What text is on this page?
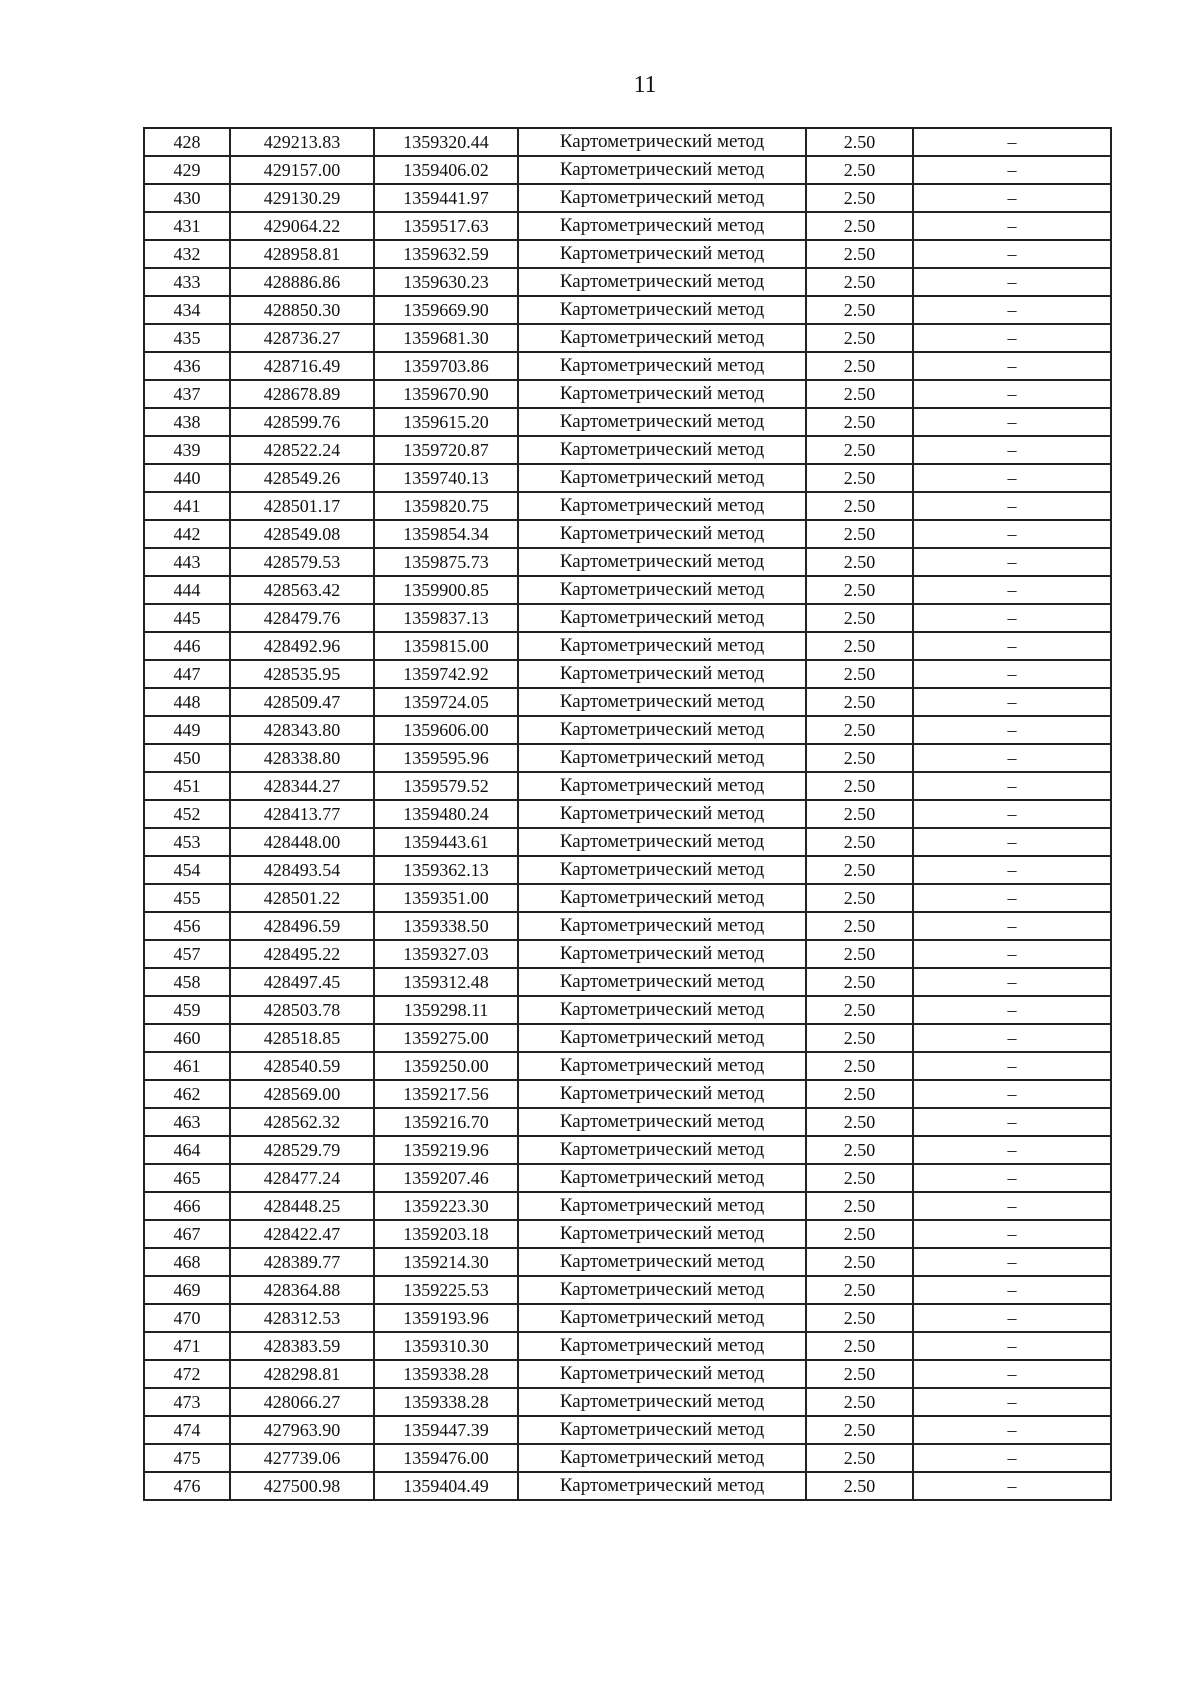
11
428	429213.83	1359320.44	Картометрический метод	2.50	–
429	429157.00	1359406.02	Картометрический метод	2.50	–
430	429130.29	1359441.97	Картометрический метод	2.50	–
431	429064.22	1359517.63	Картометрический метод	2.50	–
432	428958.81	1359632.59	Картометрический метод	2.50	–
433	428886.86	1359630.23	Картометрический метод	2.50	–
434	428850.30	1359669.90	Картометрический метод	2.50	–
435	428736.27	1359681.30	Картометрический метод	2.50	–
436	428716.49	1359703.86	Картометрический метод	2.50	–
437	428678.89	1359670.90	Картометрический метод	2.50	–
438	428599.76	1359615.20	Картометрический метод	2.50	–
439	428522.24	1359720.87	Картометрический метод	2.50	–
440	428549.26	1359740.13	Картометрический метод	2.50	–
441	428501.17	1359820.75	Картометрический метод	2.50	–
442	428549.08	1359854.34	Картометрический метод	2.50	–
443	428579.53	1359875.73	Картометрический метод	2.50	–
444	428563.42	1359900.85	Картометрический метод	2.50	–
445	428479.76	1359837.13	Картометрический метод	2.50	–
446	428492.96	1359815.00	Картометрический метод	2.50	–
447	428535.95	1359742.92	Картометрический метод	2.50	–
448	428509.47	1359724.05	Картометрический метод	2.50	–
449	428343.80	1359606.00	Картометрический метод	2.50	–
450	428338.80	1359595.96	Картометрический метод	2.50	–
451	428344.27	1359579.52	Картометрический метод	2.50	–
452	428413.77	1359480.24	Картометрический метод	2.50	–
453	428448.00	1359443.61	Картометрический метод	2.50	–
454	428493.54	1359362.13	Картометрический метод	2.50	–
455	428501.22	1359351.00	Картометрический метод	2.50	–
456	428496.59	1359338.50	Картометрический метод	2.50	–
457	428495.22	1359327.03	Картометрический метод	2.50	–
458	428497.45	1359312.48	Картометрический метод	2.50	–
459	428503.78	1359298.11	Картометрический метод	2.50	–
460	428518.85	1359275.00	Картометрический метод	2.50	–
461	428540.59	1359250.00	Картометрический метод	2.50	–
462	428569.00	1359217.56	Картометрический метод	2.50	–
463	428562.32	1359216.70	Картометрический метод	2.50	–
464	428529.79	1359219.96	Картометрический метод	2.50	–
465	428477.24	1359207.46	Картометрический метод	2.50	–
466	428448.25	1359223.30	Картометрический метод	2.50	–
467	428422.47	1359203.18	Картометрический метод	2.50	–
468	428389.77	1359214.30	Картометрический метод	2.50	–
469	428364.88	1359225.53	Картометрический метод	2.50	–
470	428312.53	1359193.96	Картометрический метод	2.50	–
471	428383.59	1359310.30	Картометрический метод	2.50	–
472	428298.81	1359338.28	Картометрический метод	2.50	–
473	428066.27	1359338.28	Картометрический метод	2.50	–
474	427963.90	1359447.39	Картометрический метод	2.50	–
475	427739.06	1359476.00	Картометрический метод	2.50	–
476	427500.98	1359404.49	Картометрический метод	2.50	–
